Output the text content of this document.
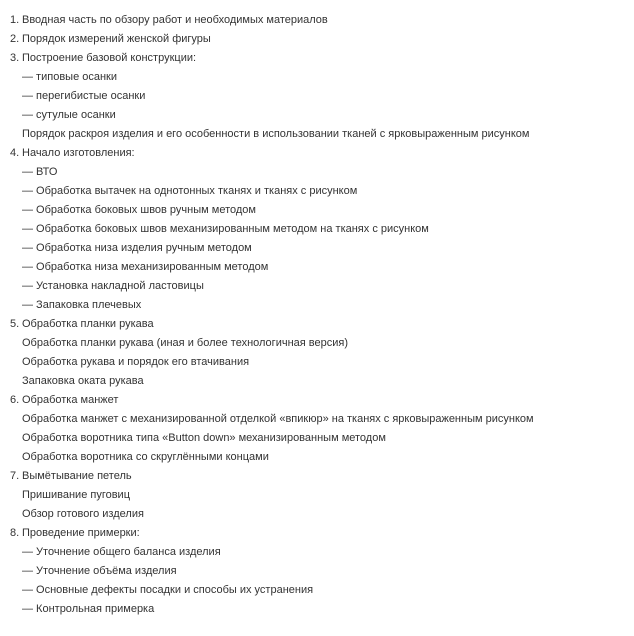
1. Вводная часть по обзору работ и необходимых материалов
2. Порядок измерений женской фигуры
3. Построение базовой конструкции:
— типовые осанки
— перегибистые осанки
— сутулые осанки
Порядок раскроя изделия и его особенности в использовании тканей с ярковыраженным рисунком
4. Начало изготовления:
— ВТО
— Обработка вытачек на однотонных тканях и тканях с рисунком
— Обработка боковых швов ручным методом
— Обработка боковых швов механизированным методом на тканях с рисунком
— Обработка низа изделия ручным методом
— Обработка низа механизированным методом
— Установка накладной ластовицы
— Запаковка плечевых
5. Обработка планки рукава
Обработка планки рукава (иная и более технологичная версия)
Обработка рукава и порядок его втачивания
Запаковка оката рукава
6. Обработка манжет
Обработка манжет с механизированной отделкой «впикюр» на тканях с ярковыраженным рисунком
Обработка воротника типа «Button down» механизированным методом
Обработка воротника со скруглёнными концами
7. Вымётывание петель
Пришивание пуговиц
Обзор готового изделия
8. Проведение примерки:
— Уточнение общего баланса изделия
— Уточнение объёма изделия
— Основные дефекты посадки и способы их устранения
— Контрольная примерка
